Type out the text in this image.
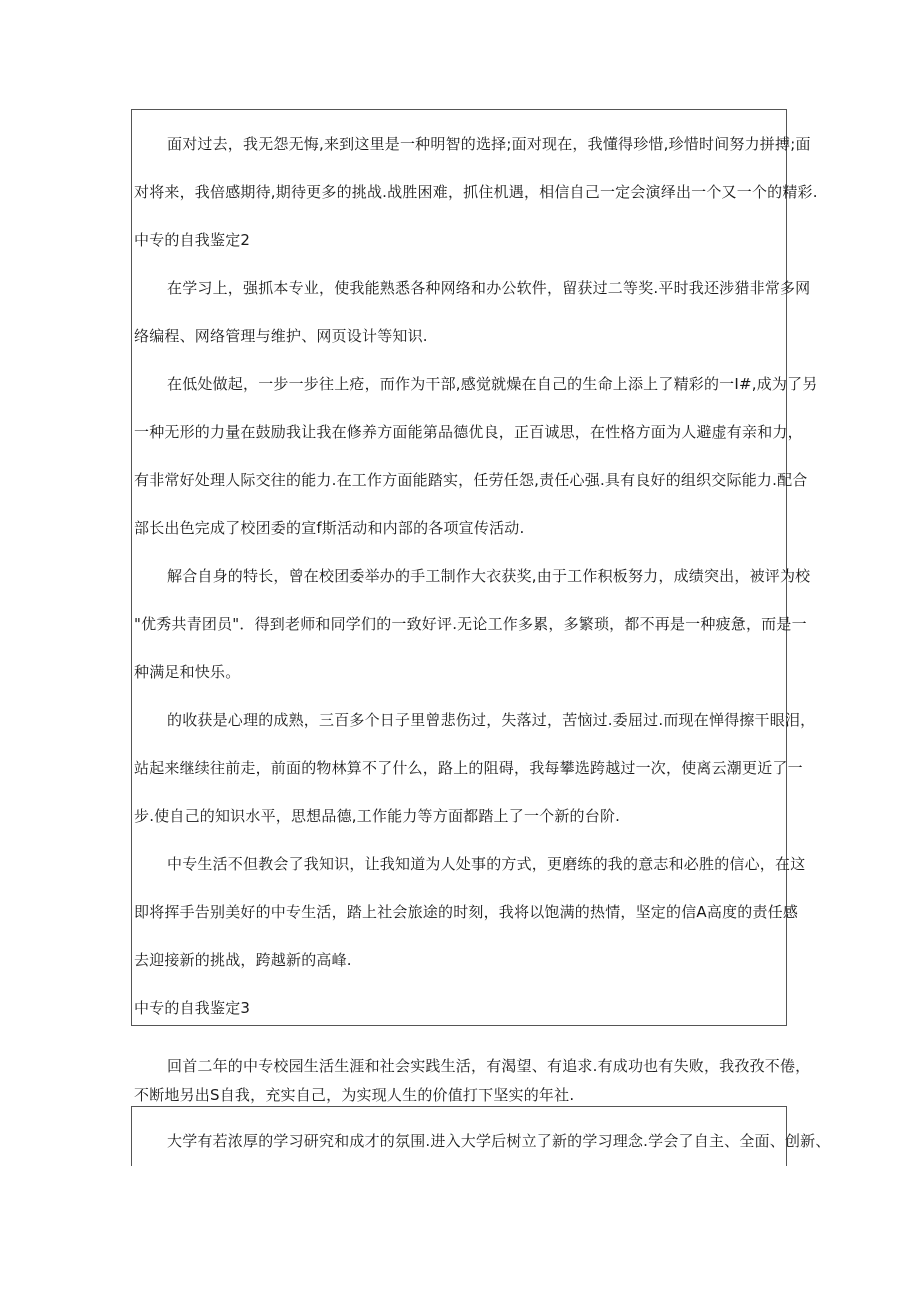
面对过去，我无怨无悔,来到这里是一种明智的选择;面对现在，我懂得珍惜,珍惜时间努力拼搏;面
对将来，我倍感期待,期待更多的挑战.战胜困难，抓住机遇，相信自己一定会演绎出一个又一个的精彩.
中专的自我鉴定2
在学习上，强抓本专业，使我能熟悉各种网络和办公软件，留获过二等奖.平时我还涉猎非常多网
络编程、网络管理与维护、网页设计等知识.
在低处做起，一步一步往上疮，而作为干部,感觉就燥在自己的生命上添上了精彩的一I#,成为了另
一种无形的力量在鼓励我让我在修养方面能第品德优良，正百诚思，在性格方面为人避虚有亲和力，
有非常好处理人际交往的能力.在工作方面能踏实，任劳任怨,责任心强.具有良好的组织交际能力.配合
部长出色完成了校团委的宣f斯活动和内部的各项宣传活动.
解合自身的特长，曾在校团委举办的手工制作大衣获奖,由于工作积板努力，成绩突出，被评为校
"优秀共青团员"．得到老师和同学们的一致好评.无论工作多累，多繁琐，都不再是一种疲惫，而是一
种满足和快乐。
的收获是心理的成熟，三百多个日子里曾悲伤过，失落过，苦恼过.委屈过.而现在惮得擦干眼泪，
站起来继续往前走，前面的物林算不了什么，路上的阻碍，我每攀选跨越过一次，使离云潮更近了一
步.使自己的知识水平，思想品德,工作能力等方面都踏上了一个新的台阶.
中专生活不但教会了我知识，让我知道为人处事的方式，更磨练的我的意志和必胜的信心，在这
即将挥手告别美好的中专生活，踏上社会旅途的时刻，我将以饱满的热情，坚定的信A高度的责任感
去迎接新的挑战，跨越新的高峰.
中专的自我鉴定3
回首二年的中专校园生活生涯和社会实践生活，有渴望、有追求.有成功也有失败，我孜孜不倦，
不断地另出S自我，充实自己，为实现人生的价值打下坚实的年社.
大学有若浓厚的学习研究和成才的氛围.进入大学后树立了新的学习理念.学会了自主、全面、创新、
